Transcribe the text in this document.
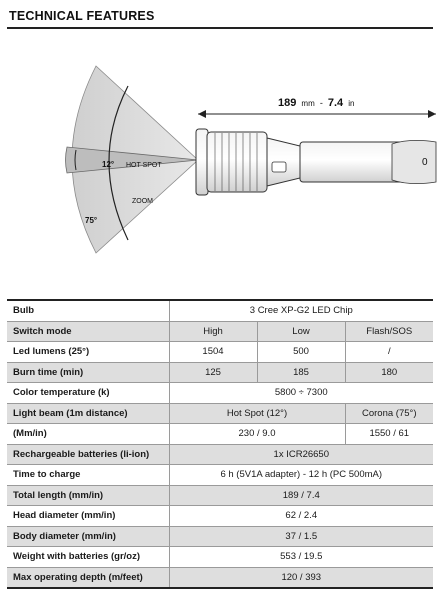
TECHNICAL FEATURES
0
189 mm - 7.4 in
12° HOT SPOT
ZOOM
75°
Bulb	3 Cree XP-G2 LED Chip		
Switch mode	High	Low	Flash/SOS
Led lumens (25°)	1504	500	/
Burn time (min)	125	185	180
Color temperature (k)	5800 ÷ 7300		
Light beam (1m distance)	Hot Spot (12°)		Corona (75°)
(Mm/in)	230 / 9.0		1550 / 61
Rechargeable batteries (li-ion)	1x ICR26650		
Time to charge	6 h (5V1A adapter) - 12 h (PC 500mA)		
Total length (mm/in)	189 / 7.4		
Head diameter (mm/in)	62 / 2.4		
Body diameter (mm/in)	37 / 1.5		
Weight with batteries (gr/oz)	553 / 19.5		
Max operating depth (m/feet)	120 / 393		
